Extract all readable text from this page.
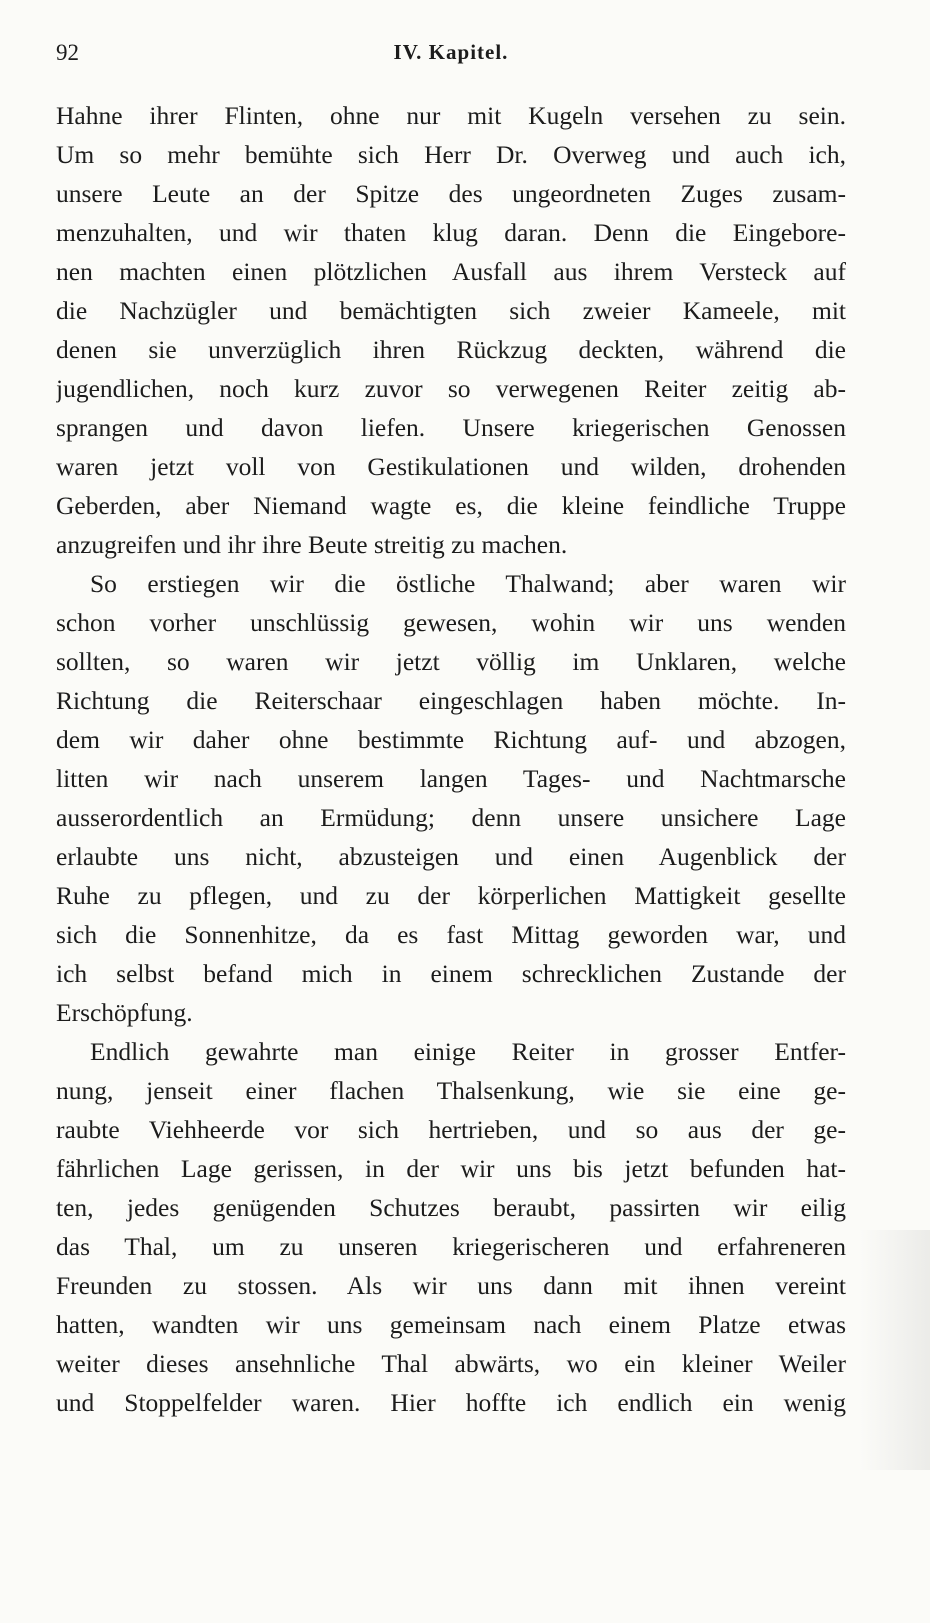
92	IV. Kapitel.
Hahne ihrer Flinten, ohne nur mit Kugeln versehen zu sein.
Um so mehr bemühte sich Herr Dr. Overweg und auch ich,
unsere Leute an der Spitze des ungeordneten Zuges zusam-
menzuhalten, und wir thaten klug daran. Denn die Eingebore-
nen machten einen plötzlichen Ausfall aus ihrem Versteck auf
die Nachzügler und bemächtigten sich zweier Kameele, mit
denen sie unverzüglich ihren Rückzug deckten, während die
jugendlichen, noch kurz zuvor so verwegenen Reiter zeitig ab-
sprangen und davon liefen. Unsere kriegerischen Genossen
waren jetzt voll von Gestikulationen und wilden, drohenden
Geberden, aber Niemand wagte es, die kleine feindliche Truppe
anzugreifen und ihr ihre Beute streitig zu machen.
So erstiegen wir die östliche Thalwand; aber waren wir
schon vorher unschlüssig gewesen, wohin wir uns wenden
sollten, so waren wir jetzt völlig im Unklaren, welche
Richtung die Reiterschaar eingeschlagen haben möchte. In-
dem wir daher ohne bestimmte Richtung auf- und abzogen,
litten wir nach unserem langen Tages- und Nachtmarsche
ausserordentlich an Ermüdung; denn unsere unsichere Lage
erlaubte uns nicht, abzusteigen und einen Augenblick der
Ruhe zu pflegen, und zu der körperlichen Mattigkeit gesellte
sich die Sonnenhitze, da es fast Mittag geworden war, und
ich selbst befand mich in einem schrecklichen Zustande der
Erschöpfung.
Endlich gewahrte man einige Reiter in grosser Entfer-
nung, jenseit einer flachen Thalsenkung, wie sie eine ge-
raubte Viehheerde vor sich hertrieben, und so aus der ge-
fährlichen Lage gerissen, in der wir uns bis jetzt befunden hat-
ten, jedes genügenden Schutzes beraubt, passirten wir eilig
das Thal, um zu unseren kriegerischeren und erfahreneren
Freunden zu stossen. Als wir uns dann mit ihnen vereint
hatten, wandten wir uns gemeinsam nach einem Platze etwas
weiter dieses ansehnliche Thal abwärts, wo ein kleiner Weiler
und Stoppelfelder waren. Hier hoffte ich endlich ein wenig
